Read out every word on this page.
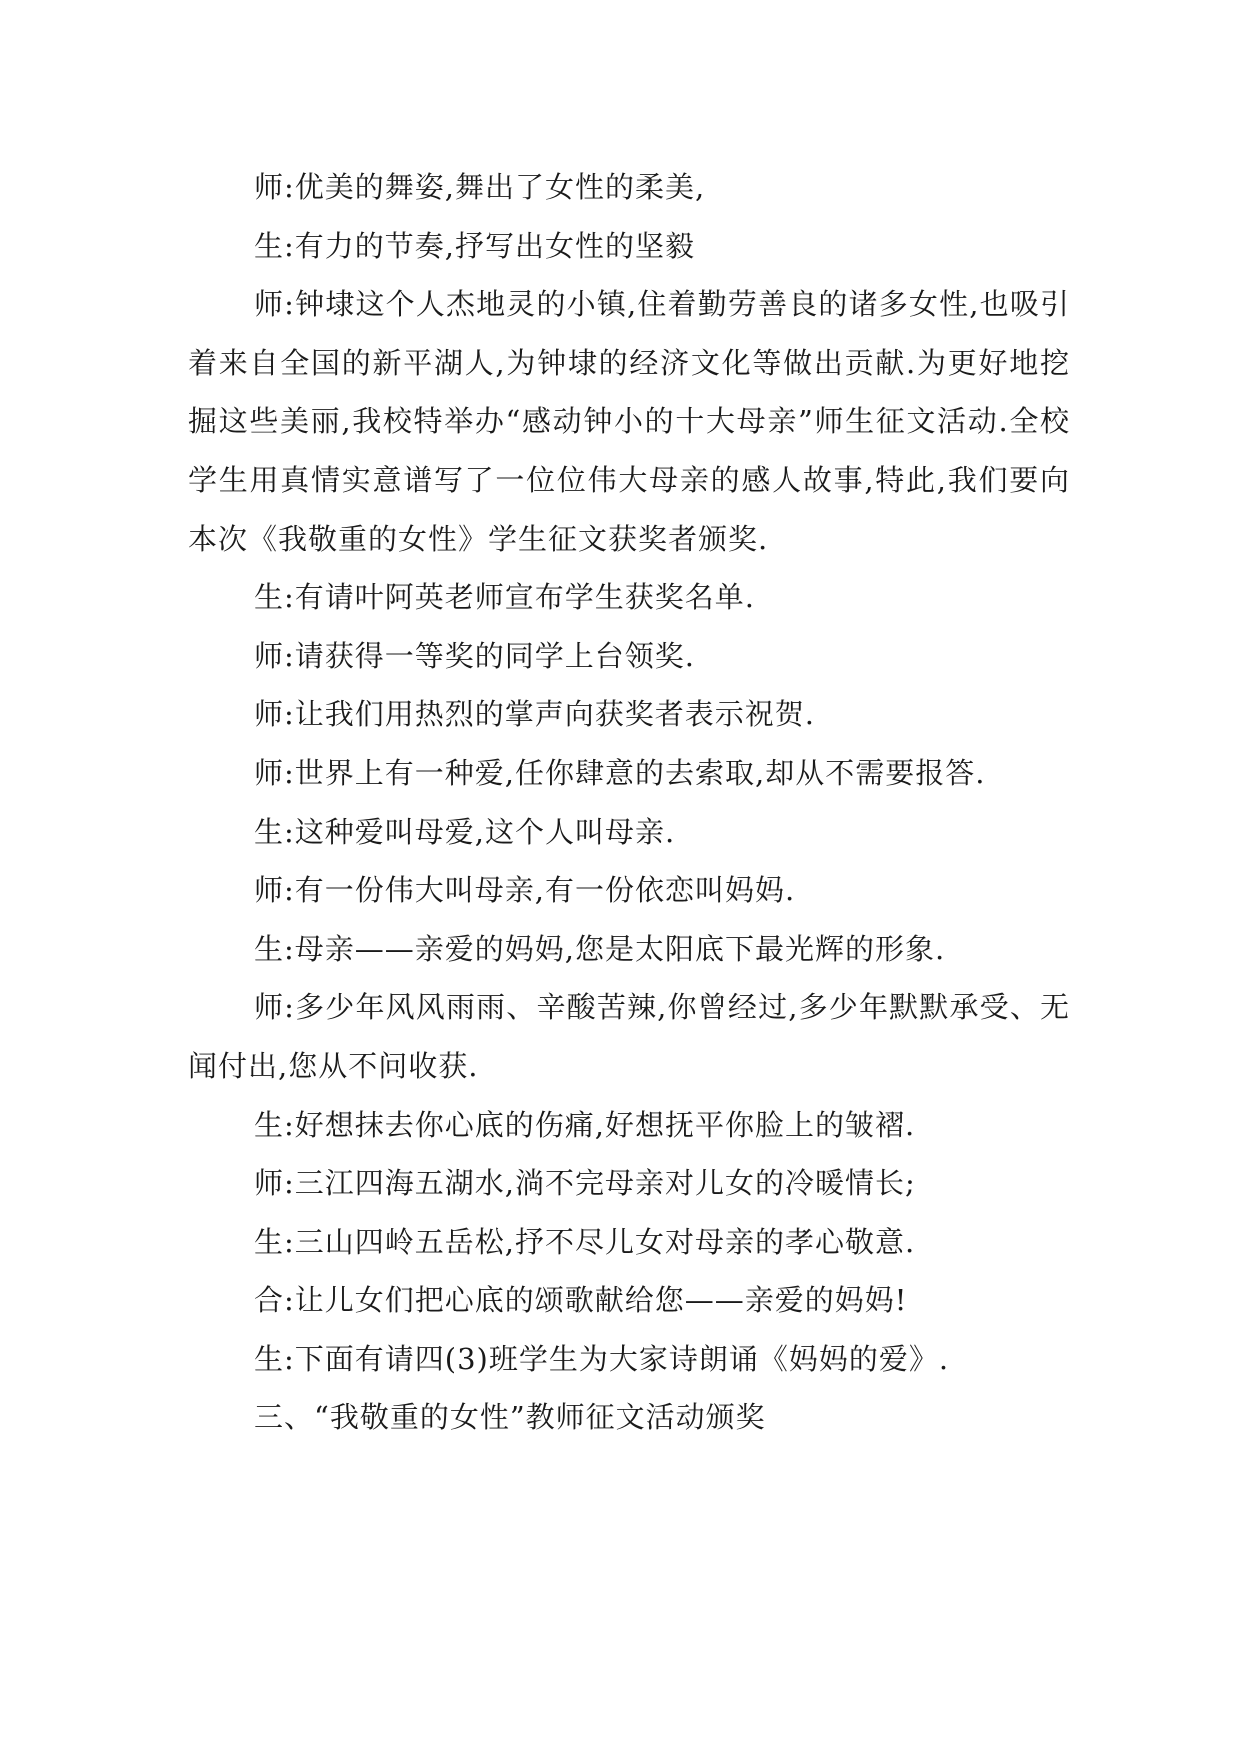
师:优美的舞姿,舞出了女性的柔美,

生:有力的节奏,抒写出女性的坚毅

师:钟埭这个人杰地灵的小镇,住着勤劳善良的诸多女性,也吸引着来自全国的新平湖人,为钟埭的经济文化等做出贡献.为更好地挖掘这些美丽,我校特举办“感动钟小的十大母亲”师生征文活动.全校学生用真情实意谱写了一位位伟大母亲的感人故事,特此,我们要向本次《我敬重的女性》学生征文获奖者颁奖.

生:有请叶阿英老师宣布学生获奖名单.

师:请获得一等奖的同学上台领奖.

师:让我们用热烈的掌声向获奖者表示祝贺.

师:世界上有一种爱,任你肆意的去索取,却从不需要报答.

生:这种爱叫母爱,这个人叫母亲.

师:有一份伟大叫母亲,有一份依恋叫妈妈.

生:母亲——亲爱的妈妈,您是太阳底下最光辉的形象.

师:多少年风风雨雨、辛酸苦辣,你曾经过,多少年默默承受、无闻付出,您从不问收获.

生:好想抹去你心底的伤痛,好想抚平你脸上的皱褶.

师:三江四海五湖水,淌不完母亲对儿女的冷暖情长;

生:三山四岭五岳松,抒不尽儿女对母亲的孝心敬意.

合:让儿女们把心底的颂歌献给您——亲爱的妈妈!

生:下面有请四(3)班学生为大家诗朗诵《妈妈的爱》.

三、“我敬重的女性”教师征文活动颁奖
